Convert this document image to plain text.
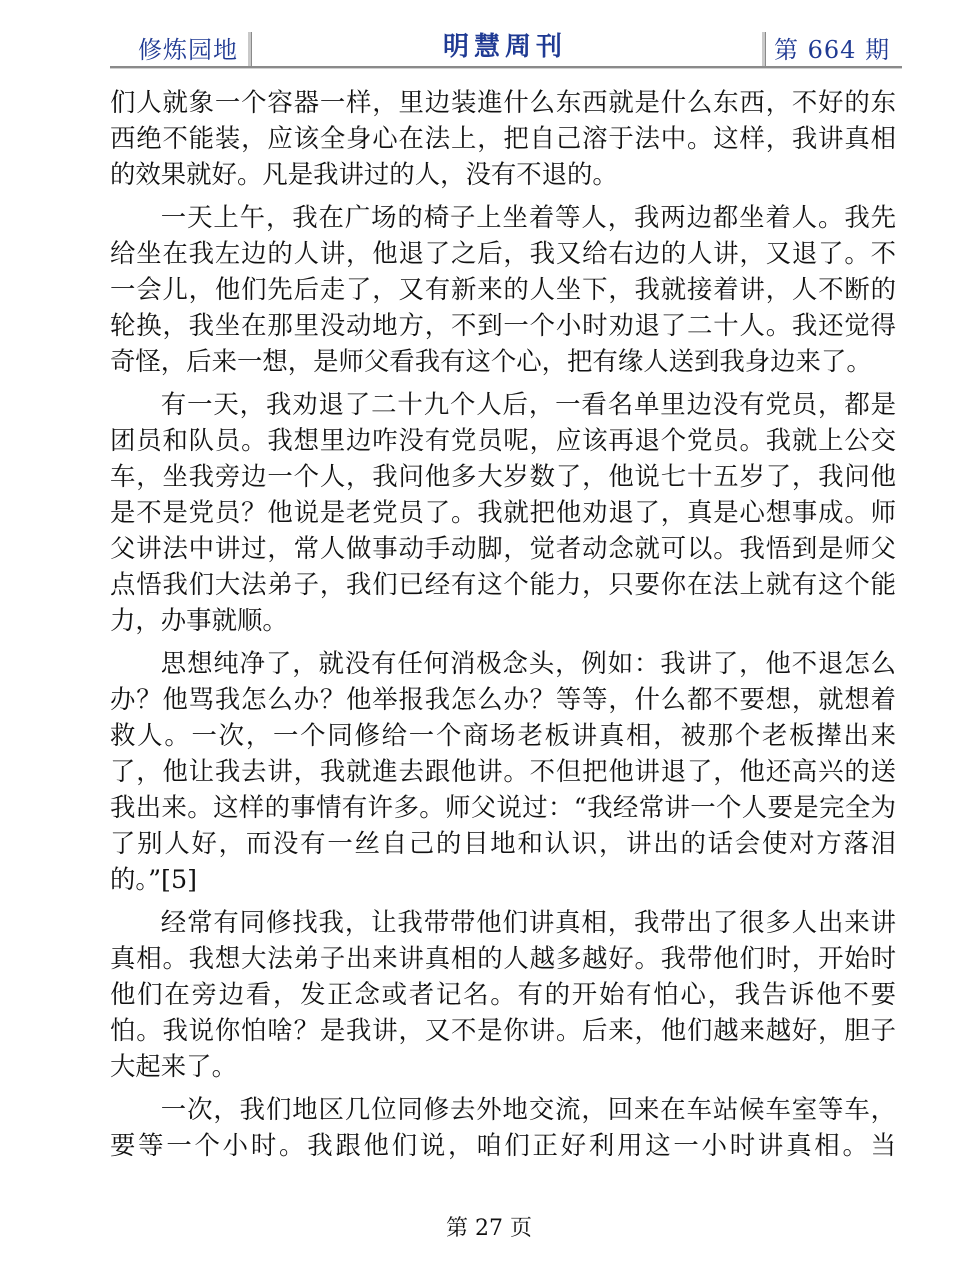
修炼园地	明慧周刊	第 664 期

们人就象一个容器一样，里边装進什么东西就是什么东西，不好的东西绝不能装，应该全身心在法上，把自己溶于法中。这样，我讲真相的效果就好。凡是我讲过的人，没有不退的。

一天上午，我在广场的椅子上坐着等人，我两边都坐着人。我先给坐在我左边的人讲，他退了之后，我又给右边的人讲，又退了。不一会儿，他们先后走了，又有新来的人坐下，我就接着讲，人不断的轮换，我坐在那里没动地方，不到一个小时劝退了二十人。我还觉得奇怪，后来一想，是师父看我有这个心，把有缘人送到我身边来了。

有一天，我劝退了二十九个人后，一看名单里边没有党员，都是团员和队员。我想里边咋没有党员呢，应该再退个党员。我就上公交车，坐我旁边一个人，我问他多大岁数了，他说七十五岁了，我问他是不是党员？他说是老党员了。我就把他劝退了，真是心想事成。师父讲法中讲过，常人做事动手动脚，觉者动念就可以。我悟到是师父点悟我们大法弟子，我们已经有这个能力，只要你在法上就有这个能力，办事就顺。

思想纯净了，就没有任何消极念头，例如：我讲了，他不退怎么办？他骂我怎么办？他举报我怎么办？等等，什么都不要想，就想着救人。一次，一个同修给一个商场老板讲真相，被那个老板撵出来了，他让我去讲，我就進去跟他讲。不但把他讲退了，他还高兴的送我出来。这样的事情有许多。师父说过：“我经常讲一个人要是完全为了别人好，而没有一丝自己的目地和认识，讲出的话会使对方落泪的。”[5]

经常有同修找我，让我带带他们讲真相，我带出了很多人出来讲真相。我想大法弟子出来讲真相的人越多越好。我带他们时，开始时他们在旁边看，发正念或者记名。有的开始有怕心，我告诉他不要怕。我说你怕啥？是我讲，又不是你讲。后来，他们越来越好，胆子大起来了。

一次，我们地区几位同修去外地交流，回来在车站候车室等车，要等一个小时。我跟他们说，咱们正好利用这一小时讲真相。当

第 27 页
